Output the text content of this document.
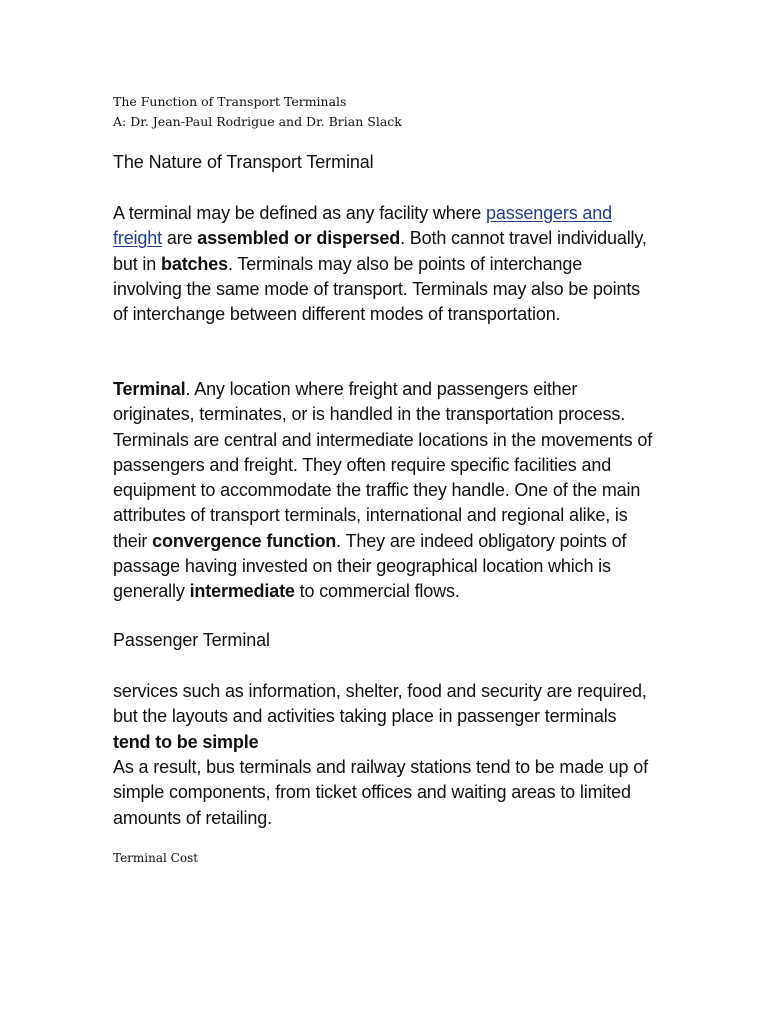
The Function of Transport Terminals

A: Dr. Jean-Paul Rodrigue and Dr. Brian Slack

The Nature of Transport Terminal

A terminal may be defined as any facility where passengers and freight are assembled or dispersed. Both cannot travel individually, but in batches. Terminals may also be points of interchange involving the same mode of transport. Terminals may also be points of interchange between different modes of transportation.

Terminal. Any location where freight and passengers either originates, terminates, or is handled in the transportation process. Terminals are central and intermediate locations in the movements of passengers and freight. They often require specific facilities and equipment to accommodate the traffic they handle. One of the main attributes of transport terminals, international and regional alike, is their convergence function. They are indeed obligatory points of passage having invested on their geographical location which is generally intermediate to commercial flows.

Passenger Terminal

services such as information, shelter, food and security are required, but the layouts and activities taking place in passenger terminals tend to be simple

As a result, bus terminals and railway stations tend to be made up of simple components, from ticket offices and waiting areas to limited amounts of retailing.

Terminal Cost
